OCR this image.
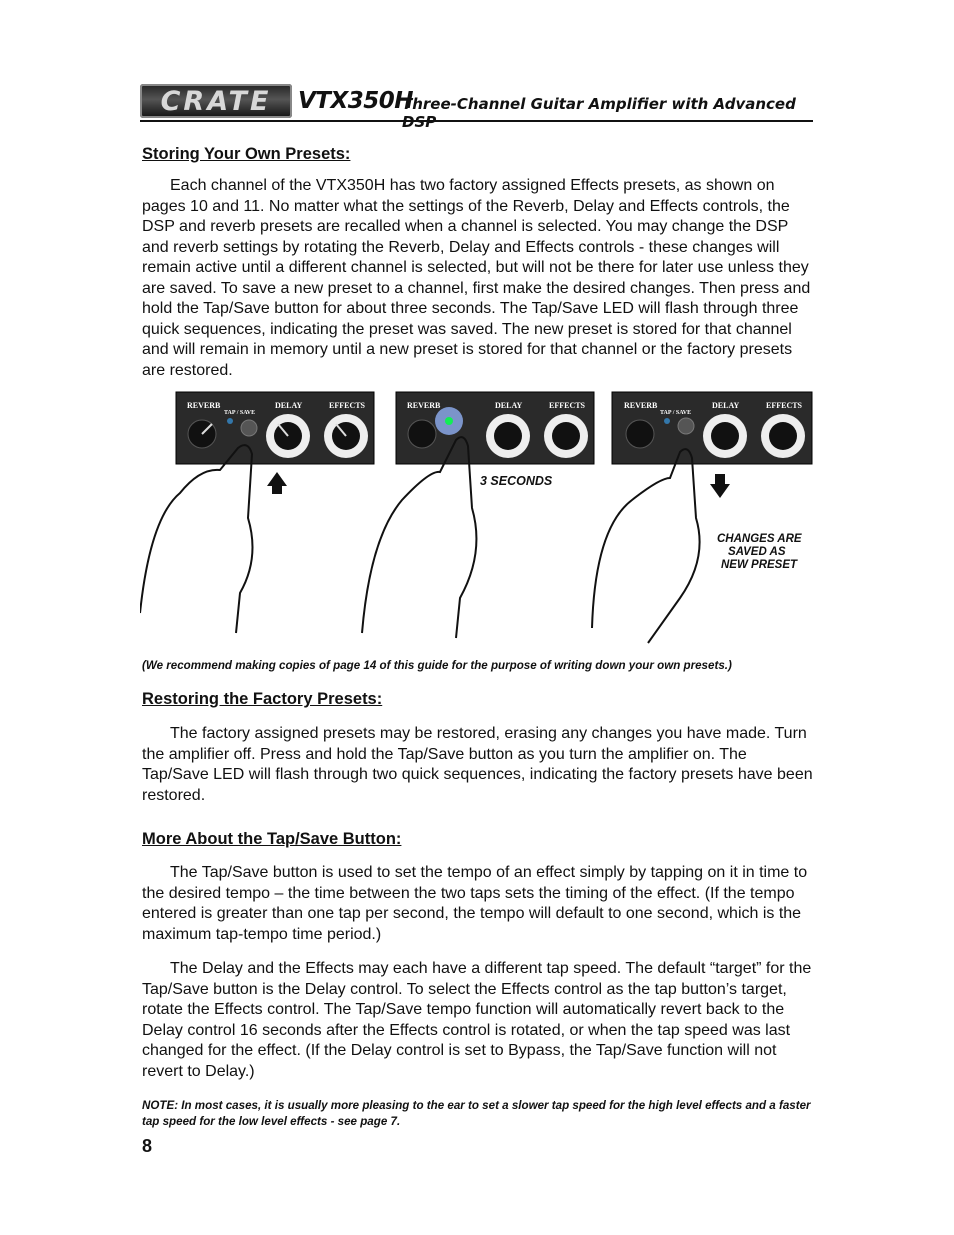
CRATE	VTX350H
Three-Channel Guitar Amplifier with Advanced DSP
Storing Your Own Presets:

Each channel of the VTX350H has two factory assigned Effects presets, as shown on pages 10 and 11. No matter what the settings of the Reverb, Delay and Effects controls, the DSP and reverb presets are recalled when a channel is selected. You may change the DSP and reverb settings by rotating the Reverb, Delay and Effects controls - these changes will remain active until a different channel is selected, but will not be there for later use unless they are saved. To save a new preset to a channel, first make the desired changes. Then press and hold the Tap/Save button for about three seconds. The Tap/Save LED will flash through three quick sequences, indicating the preset was saved. The new preset is stored for that channel and will remain in memory until a new preset is stored for that channel or the factory presets are restored.

REVERB
TAP / SAVE
DELAY	EFFECTS	REVERB	DELAY	EFFECTS	REVERB
TAP / SAVE
DELAY	EFFECTS
3 SECONDS
CHANGES ARE
SAVED AS
NEW PRESET

(We recommend making copies of page 14 of this guide for the purpose of writing down your own presets.)

Restoring the Factory Presets:

The factory assigned presets may be restored, erasing any changes you have made. Turn the amplifier off. Press and hold the Tap/Save button as you turn the amplifier on. The Tap/Save LED will flash through two quick sequences, indicating the factory presets have been restored.

More About the Tap/Save Button:

The Tap/Save button is used to set the tempo of an effect simply by tapping on it in time to the desired tempo – the time between the two taps sets the timing of the effect. (If the tempo entered is greater than one tap per second, the tempo will default to one second, which is the maximum tap-tempo time period.)

The Delay and the Effects may each have a different tap speed. The default “target” for the Tap/Save button is the Delay control. To select the Effects control as the tap button’s target, rotate the Effects control. The Tap/Save tempo function will automatically revert back to the Delay control 16 seconds after the Effects control is rotated, or when the tap speed was last changed for the effect. (If the Delay control is set to Bypass, the Tap/Save function will not revert to Delay.)

NOTE: In most cases, it is usually more pleasing to the ear to set a slower tap speed for the high level effects and a faster tap speed for the low level effects - see page 7.

8
